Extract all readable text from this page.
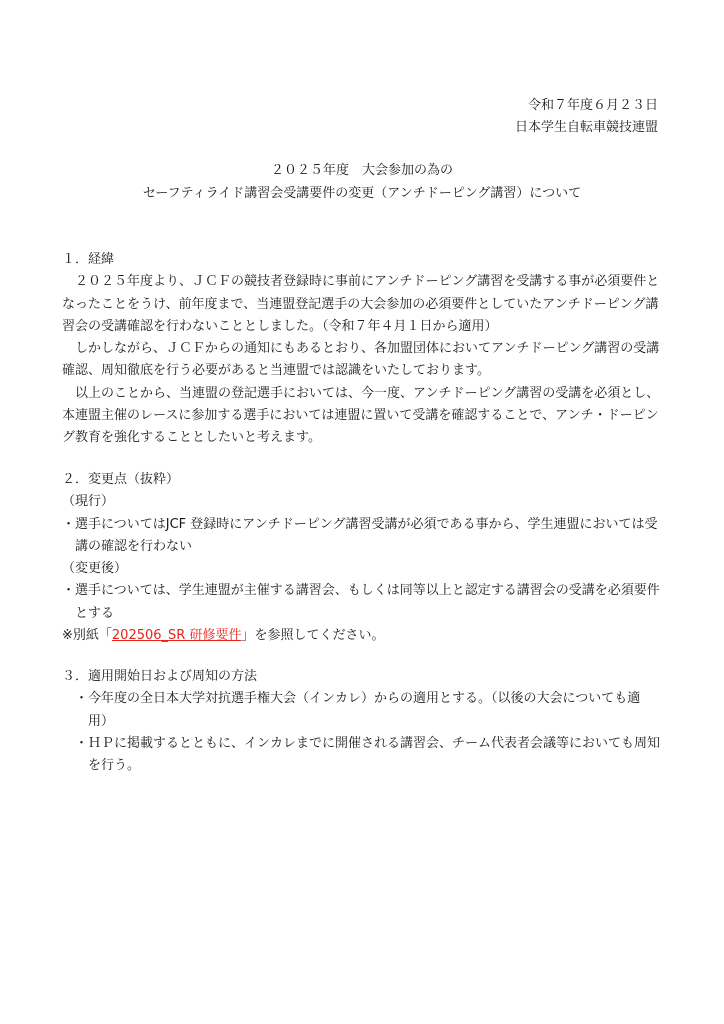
令和７年度６月２３日
日本学生自転車競技連盟
２０２５年度　大会参加の為の
セーフティライド講習会受講要件の変更（アンチドーピング講習）について

１．経緯

２０２５年度より、ＪＣＦの競技者登録時に事前にアンチドーピング講習を受講する事が必須要件となったことをうけ、前年度まで、当連盟登記選手の大会参加の必須要件としていたアンチドーピング講習会の受講確認を行わないこととしました。（令和７年４月１日から適用）

しかしながら、ＪＣＦからの通知にもあるとおり、各加盟団体においてアンチドーピング講習の受講確認、周知徹底を行う必要があると当連盟では認識をいたしております。

以上のことから、当連盟の登記選手においては、今一度、アンチドーピング講習の受講を必須とし、本連盟主催のレースに参加する選手においては連盟に置いて受講を確認することで、アンチ・ドーピング教育を強化することとしたいと考えます。

２．変更点（抜粋）

（現行）

・選手についてはJCF 登録時にアンチドーピング講習受講が必須である事から、学生連盟においては受講の確認を行わない

（変更後）

・選手については、学生連盟が主催する講習会、もしくは同等以上と認定する講習会の受講を必須要件とする

※別紙「202506_SR 研修要件」を参照してください。

３．適用開始日および周知の方法

・今年度の全日本大学対抗選手権大会（インカレ）からの適用とする。（以後の大会についても適用）

・ＨＰに掲載するとともに、インカレまでに開催される講習会、チーム代表者会議等においても周知を行う。
